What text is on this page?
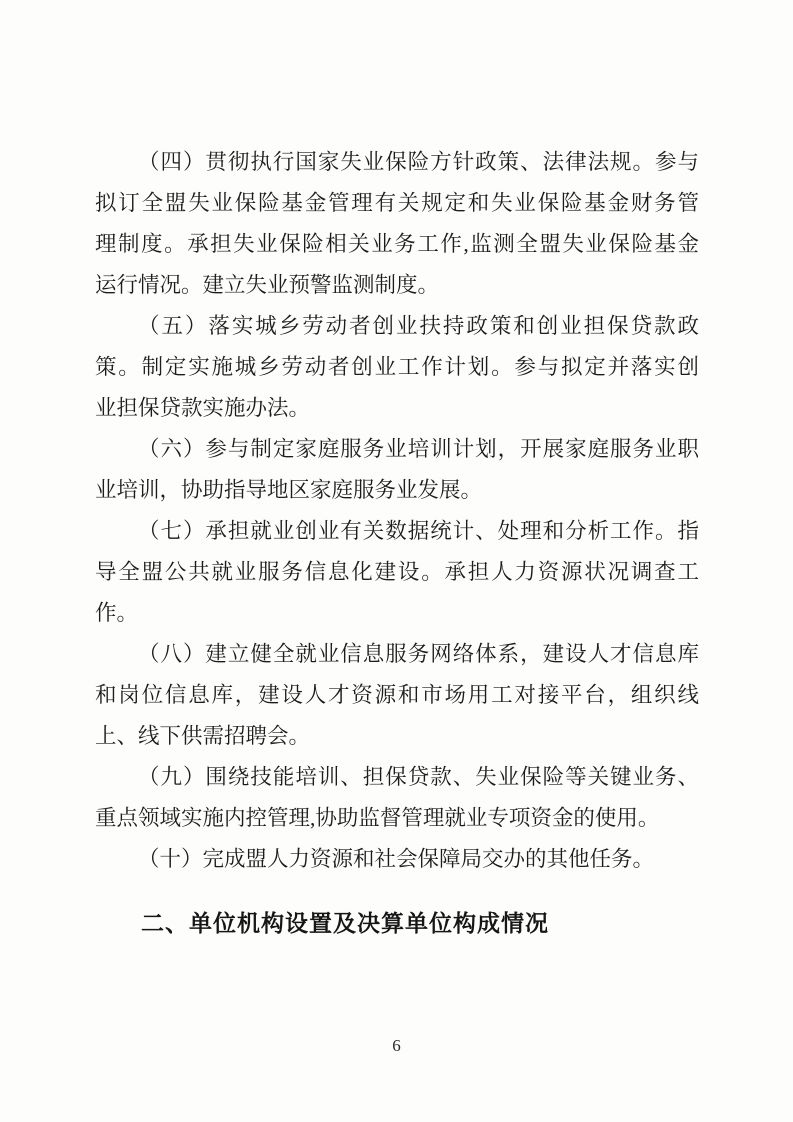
（四）贯彻执行国家失业保险方针政策、法律法规。参与
拟订全盟失业保险基金管理有关规定和失业保险基金财务管
理制度。承担失业保险相关业务工作,监测全盟失业保险基金
运行情况。建立失业预警监测制度。
（五）落实城乡劳动者创业扶持政策和创业担保贷款政
策。制定实施城乡劳动者创业工作计划。参与拟定并落实创
业担保贷款实施办法。
（六）参与制定家庭服务业培训计划，开展家庭服务业职
业培训，协助指导地区家庭服务业发展。
（七）承担就业创业有关数据统计、处理和分析工作。指
导全盟公共就业服务信息化建设。承担人力资源状况调查工
作。
（八）建立健全就业信息服务网络体系，建设人才信息库
和岗位信息库，建设人才资源和市场用工对接平台，组织线
上、线下供需招聘会。
（九）围绕技能培训、担保贷款、失业保险等关键业务、
重点领域实施内控管理,协助监督管理就业专项资金的使用。
（十）完成盟人力资源和社会保障局交办的其他任务。
二、单位机构设置及决算单位构成情况
6
